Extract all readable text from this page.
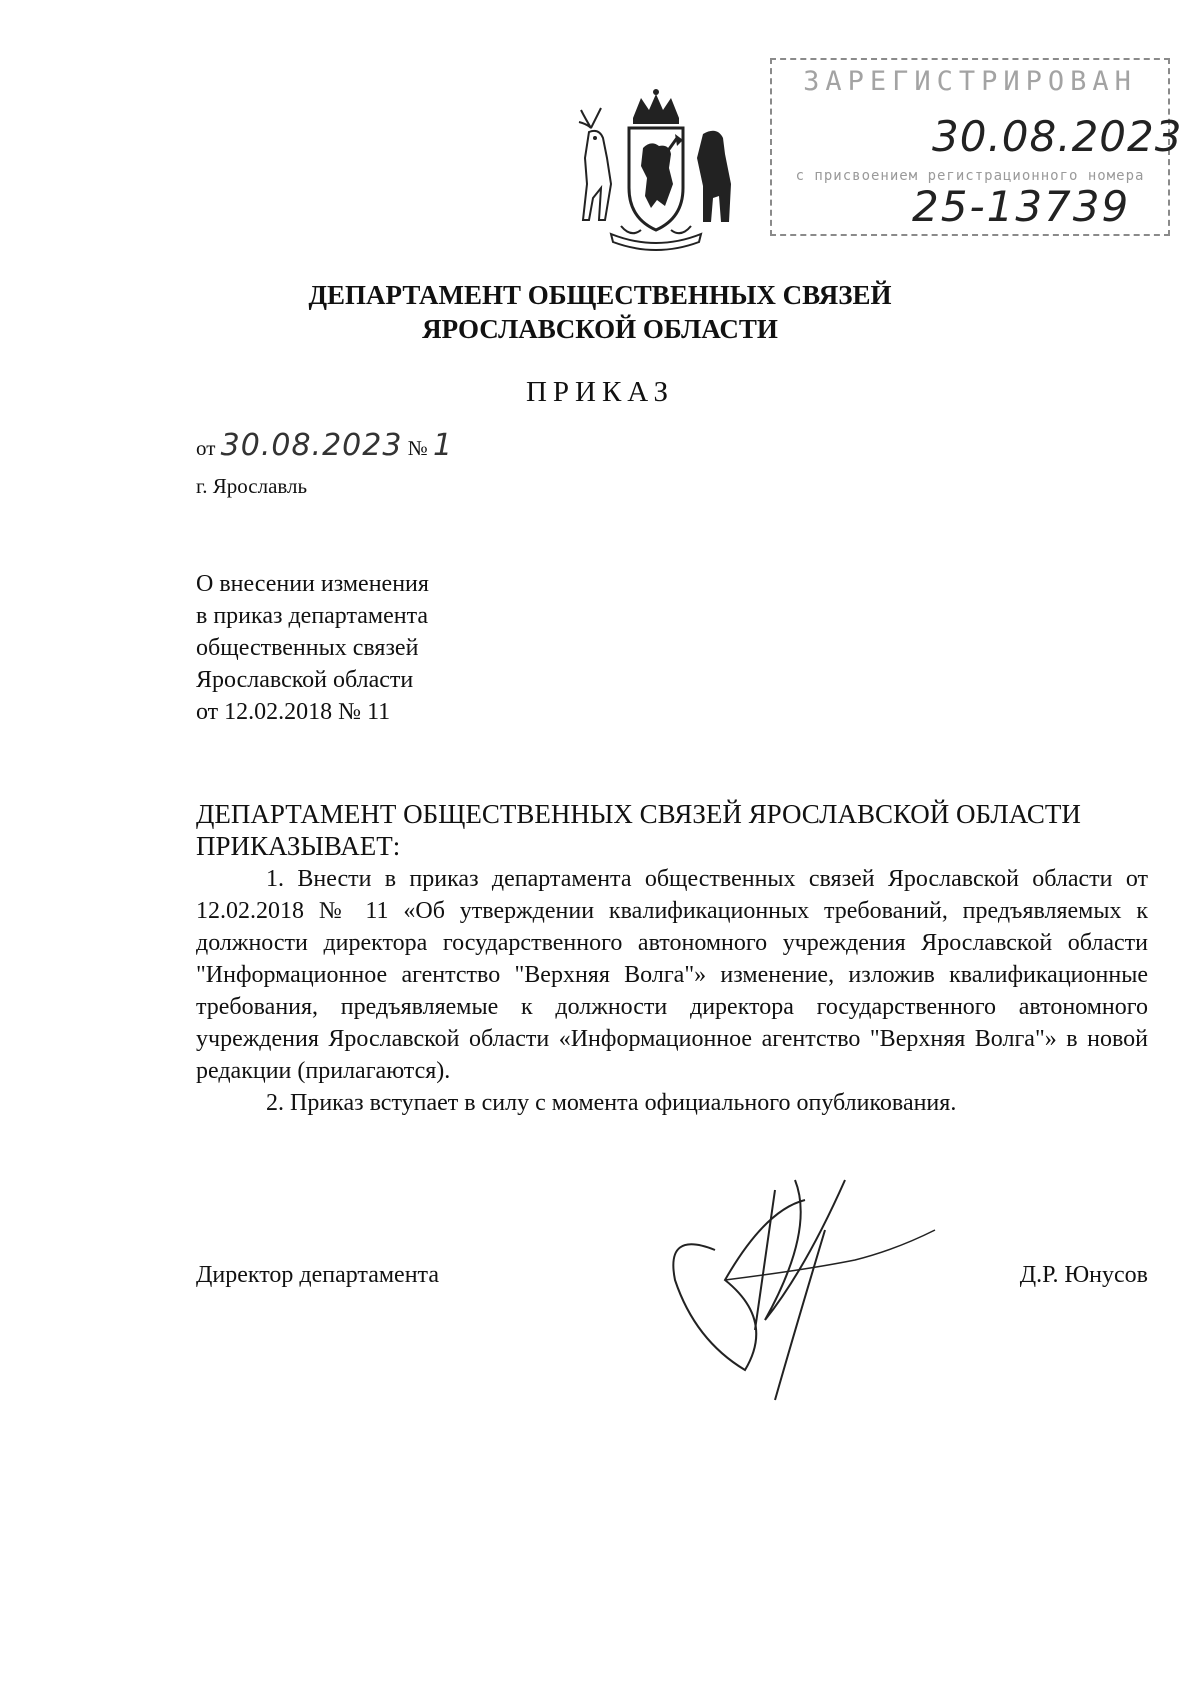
ЗАРЕГИСТРИРОВАН
30.08.2023
с присвоением регистрационного номера
25-13739
ДЕПАРТАМЕНТ ОБЩЕСТВЕННЫХ СВЯЗЕЙ
ЯРОСЛАВСКОЙ ОБЛАСТИ
ПРИКАЗ
от 30.08.2023 № 1
г. Ярославль
О внесении изменения
в приказ департамента
общественных связей
Ярославской области
от 12.02.2018 № 11
ДЕПАРТАМЕНТ ОБЩЕСТВЕННЫХ СВЯЗЕЙ ЯРОСЛАВСКОЙ ОБЛАСТИ ПРИКАЗЫВАЕТ:

1. Внести в приказ департамента общественных связей Ярославской области от 12.02.2018 № 11 «Об утверждении квалификационных требований, предъявляемых к должности директора государственного автономного учреждения Ярославской области "Информационное агентство "Верхняя Волга"» изменение, изложив квалификационные требования, предъявляемые к должности директора государственного автономного учреждения Ярославской области «Информационное агентство "Верхняя Волга"» в новой редакции (прилагаются).

2. Приказ вступает в силу с момента официального опубликования.

Директор департамента	Д.Р. Юнусов
